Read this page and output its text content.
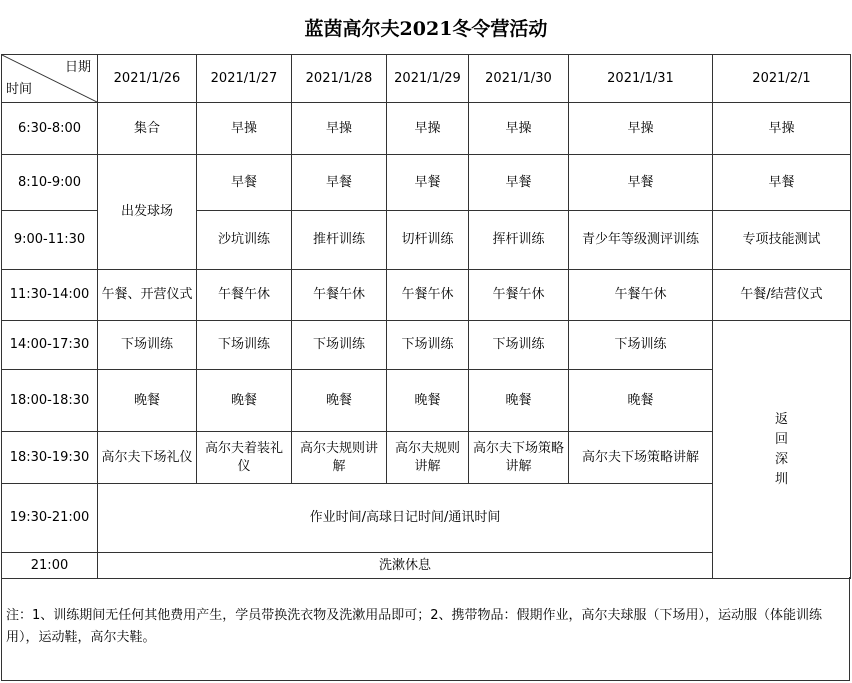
蓝茵高尔夫2021冬令营活动
日期
时间	2021/1/26	2021/1/27	2021/1/28	2021/1/29	2021/1/30	2021/1/31	2021/2/1
6:30-8:00	集合	早操	早操	早操	早操	早操	早操
8:10-9:00	出发球场	早餐	早餐	早餐	早餐	早餐	早餐
9:00-11:30		沙坑训练	推杆训练	切杆训练	挥杆训练	青少年等级测评训练	专项技能测试
11:30-14:00	午餐、开营仪式	午餐午休	午餐午休	午餐午休	午餐午休	午餐午休	午餐/结营仪式
14:00-17:30	下场训练	下场训练	下场训练	下场训练	下场训练	下场训练	返回深圳
18:00-18:30	晚餐	晚餐	晚餐	晚餐	晚餐	晚餐	
18:30-19:30	高尔夫下场礼仪	高尔夫着装礼仪	高尔夫规则讲解	高尔夫规则讲解	高尔夫下场策略讲解	高尔夫下场策略讲解	
19:30-21:00	作业时间/高球日记时间/通讯时间						
21:00	洗漱休息						
注：1、训练期间无任何其他费用产生，学员带换洗衣物及洗漱用品即可；2、携带物品：假期作业，高尔夫球服（下场用），运动服（体能训练用），运动鞋，高尔夫鞋。
